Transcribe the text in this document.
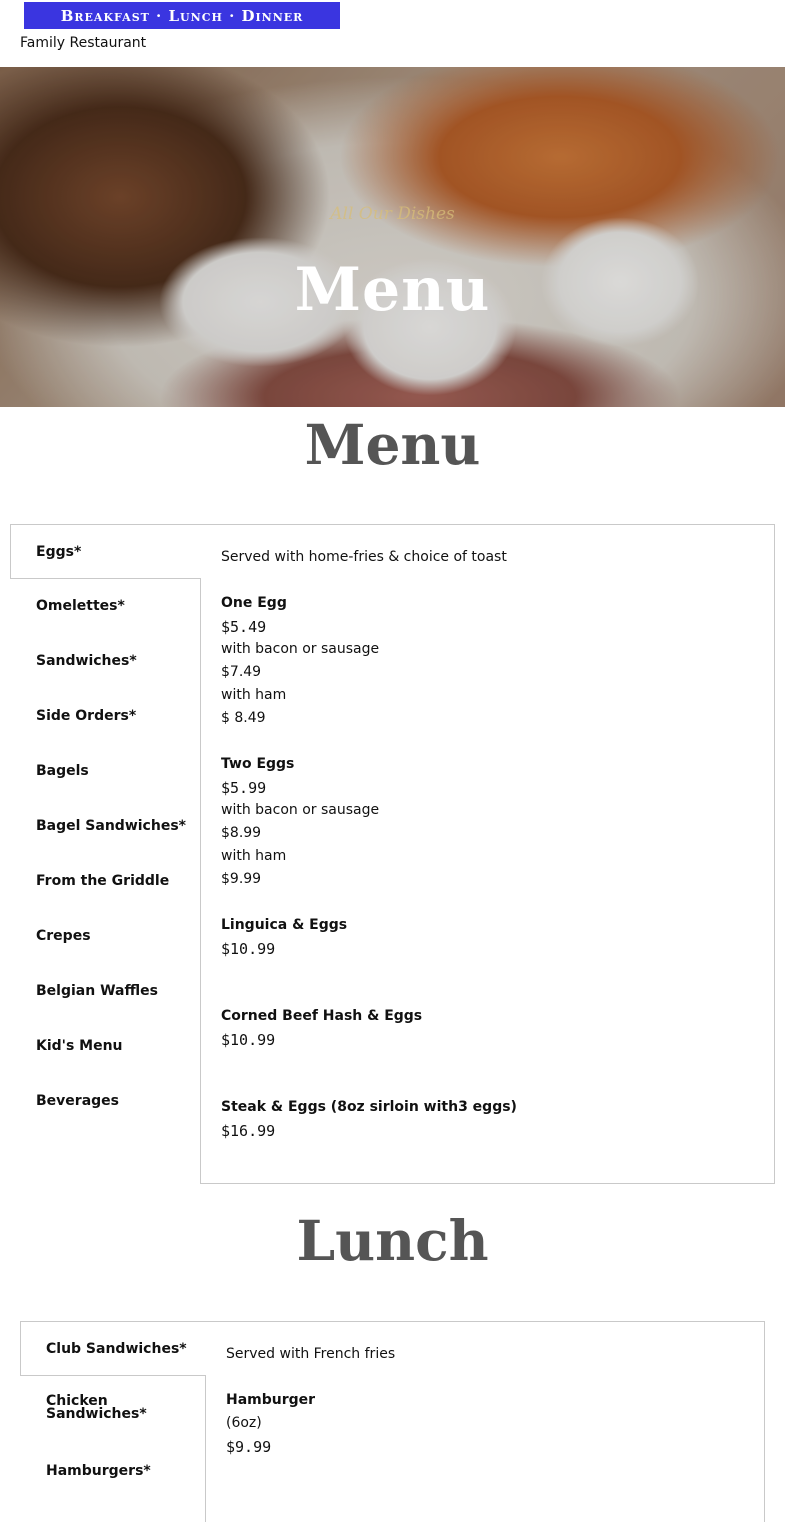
Breakfast · Lunch · Dinner
Family Restaurant
All Our Dishes
Menu
Menu
Served with home-fries & choice of toast
One Egg
$5.49
with bacon or sausage
$7.49
with ham
$ 8.49
Two Eggs
$5.99
with bacon or sausage
$8.99
with ham
$9.99
Linguica & Eggs
$10.99
Corned Beef Hash & Eggs
$10.99
Steak & Eggs (8oz sirloin with3 eggs)
$16.99
Eggs*
Omelettes*
Sandwiches*
Side Orders*
Bagels
Bagel Sandwiches*
From the Griddle
Crepes
Belgian Waffles
Kid's Menu
Beverages
Lunch
Served with French fries
Hamburger
(6oz)
$9.99
Club Sandwiches*
Chicken Sandwiches*
Hamburgers*
